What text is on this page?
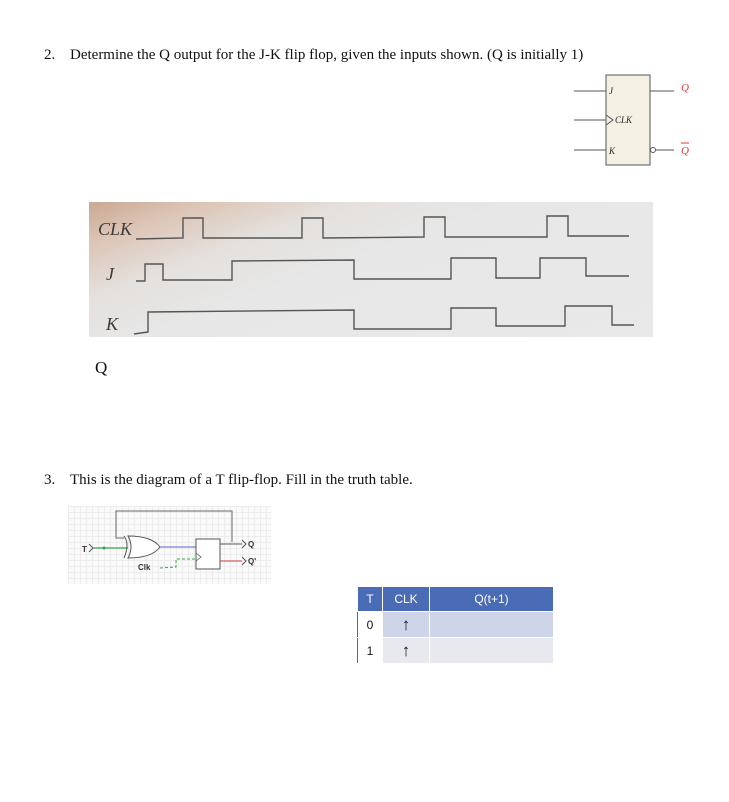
2. Determine the Q output for the J-K flip flop, given the inputs shown. (Q is initially 1)
J
CLK
K
Q
Q
CLK
J
K
Q
3. This is the diagram of a T flip-flop. Fill in the truth table.
T
Q
Q'
Clk
T	CLK	Q(t+1)
0	↑	
1	↑	
